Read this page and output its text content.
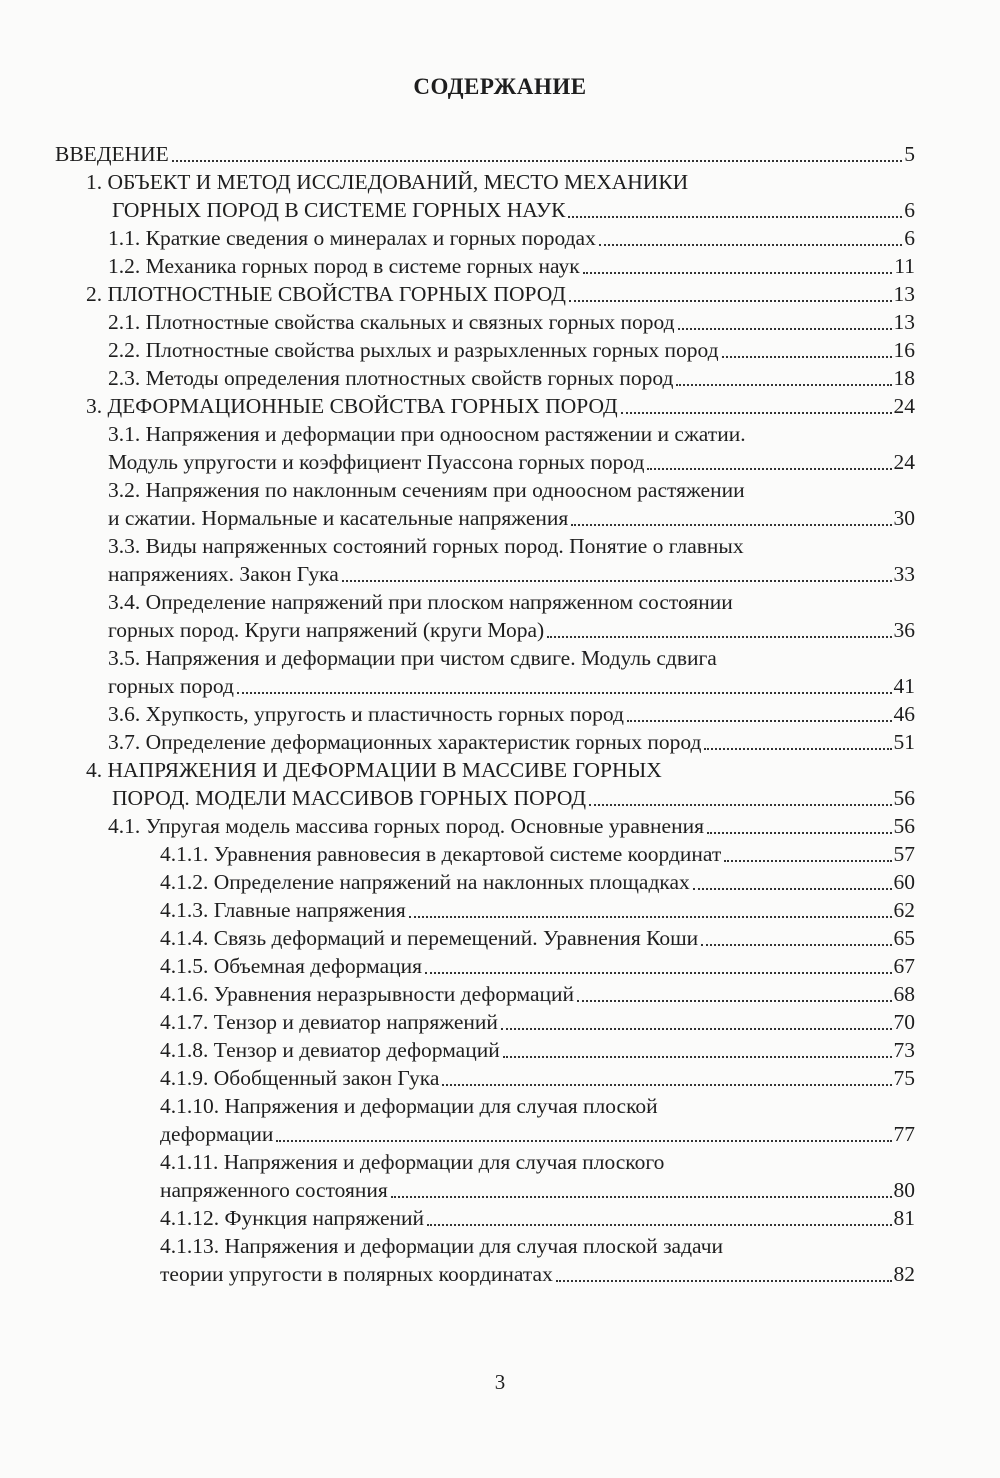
СОДЕРЖАНИЕ
ВВЕДЕНИЕ	5
1. ОБЪЕКТ И МЕТОД ИССЛЕДОВАНИЙ, МЕСТО МЕХАНИКИ
ГОРНЫХ ПОРОД В СИСТЕМЕ ГОРНЫХ НАУК	6
1.1. Краткие сведения о минералах и горных породах	6
1.2. Механика горных пород в системе горных наук	11
2. ПЛОТНОСТНЫЕ СВОЙСТВА ГОРНЫХ ПОРОД	13
2.1. Плотностные свойства скальных и связных горных пород	13
2.2. Плотностные свойства рыхлых и разрыхленных горных пород	16
2.3. Методы определения плотностных свойств горных пород	18
3. ДЕФОРМАЦИОННЫЕ СВОЙСТВА ГОРНЫХ ПОРОД	24
3.1. Напряжения и деформации при одноосном растяжении и сжатии.
Модуль упругости и коэффициент Пуассона горных пород	24
3.2. Напряжения по наклонным сечениям при одноосном растяжении
и сжатии. Нормальные и касательные напряжения	30
3.3. Виды напряженных состояний горных пород. Понятие о главных
напряжениях. Закон Гука	33
3.4. Определение напряжений при плоском напряженном состоянии
горных пород. Круги напряжений (круги Мора)	36
3.5. Напряжения и деформации при чистом сдвиге. Модуль сдвига
горных пород	41
3.6. Хрупкость, упругость и пластичность горных пород	46
3.7. Определение деформационных характеристик горных пород	51
4. НАПРЯЖЕНИЯ И ДЕФОРМАЦИИ В МАССИВЕ ГОРНЫХ
ПОРОД. МОДЕЛИ МАССИВОВ ГОРНЫХ ПОРОД	56
4.1. Упругая модель массива горных пород. Основные уравнения	56
4.1.1. Уравнения равновесия в декартовой системе координат	57
4.1.2. Определение напряжений на наклонных площадках	60
4.1.3. Главные напряжения	62
4.1.4. Связь деформаций и перемещений. Уравнения Коши	65
4.1.5. Объемная деформация	67
4.1.6. Уравнения неразрывности деформаций	68
4.1.7. Тензор и девиатор напряжений	70
4.1.8. Тензор и девиатор деформаций	73
4.1.9. Обобщенный закон Гука	75
4.1.10. Напряжения и деформации для случая плоской
деформации	77
4.1.11. Напряжения и деформации для случая плоского
напряженного состояния	80
4.1.12. Функция напряжений	81
4.1.13. Напряжения и деформации для случая плоской задачи
теории упругости в полярных координатах	82
3
